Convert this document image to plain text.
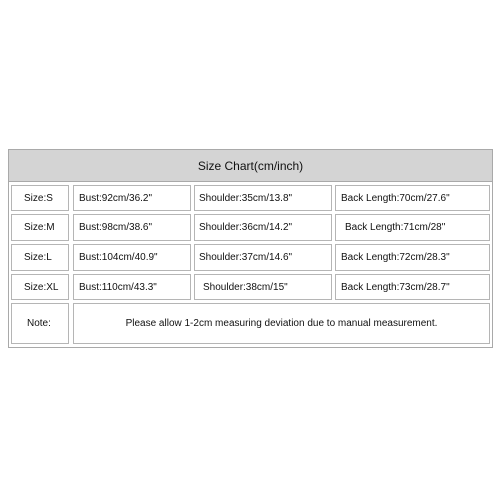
Size Chart(cm/inch)
Size:S	Bust:92cm/36.2"	Shoulder:35cm/13.8"	Back Length:70cm/27.6"
Size:M	Bust:98cm/38.6"	Shoulder:36cm/14.2"	Back Length:71cm/28"
Size:L	Bust:104cm/40.9"	Shoulder:37cm/14.6"	Back Length:72cm/28.3"
Size:XL	Bust:110cm/43.3"	Shoulder:38cm/15"	Back Length:73cm/28.7"
Note:	Please allow 1-2cm measuring deviation due to manual measurement.
